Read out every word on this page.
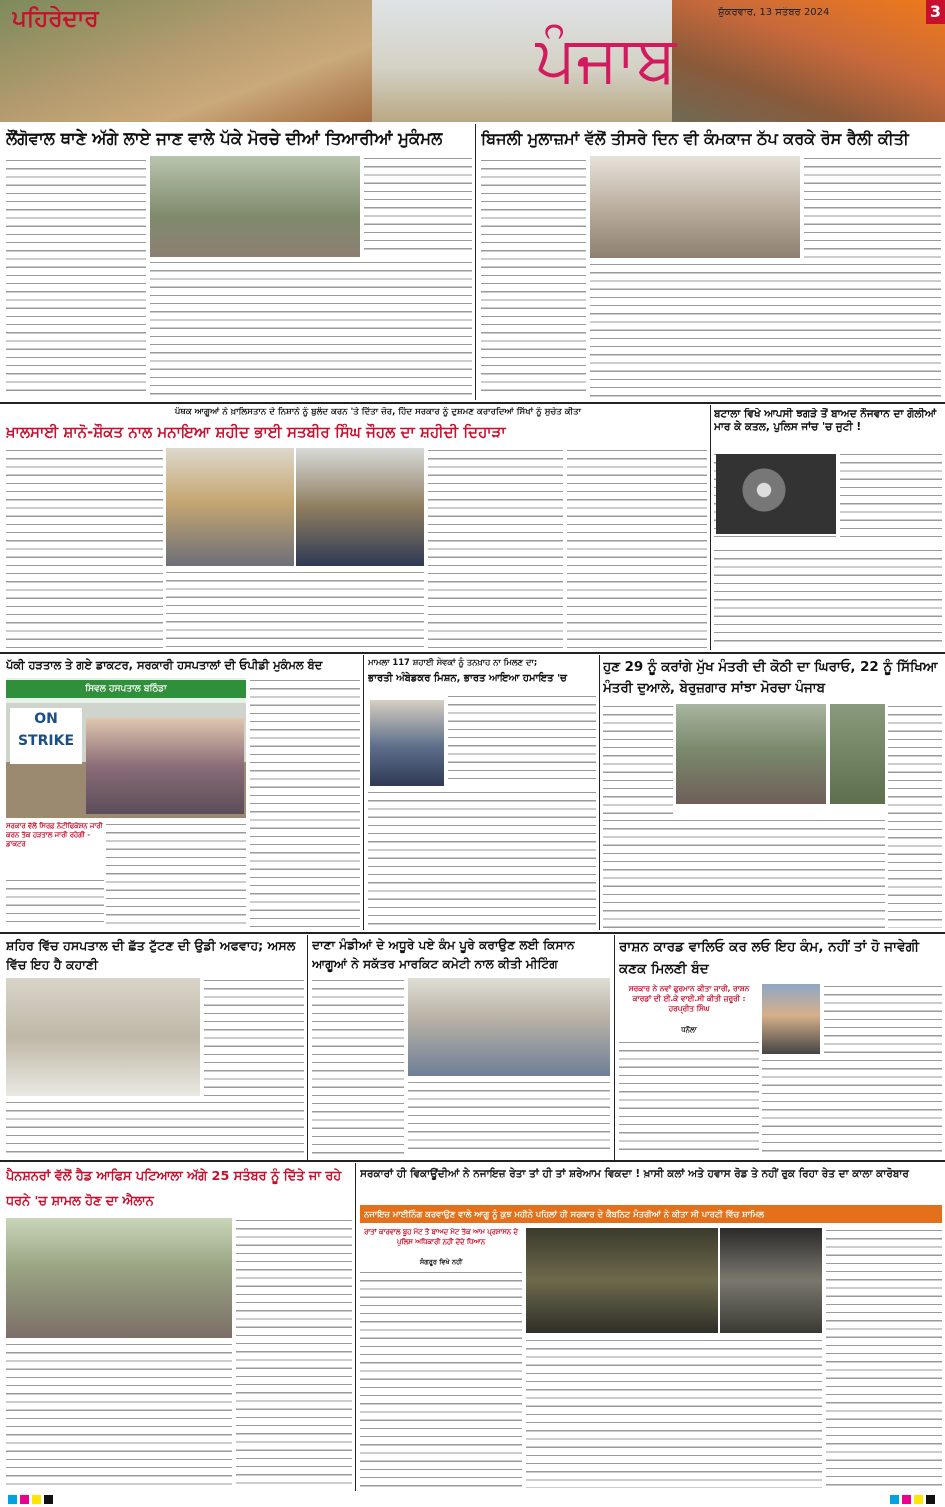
ਪਹਿਰੇਦਾਰ
ਪੰਜਾਬ
ਸ਼ੁੱਕਰਵਾਰ, 13 ਸਤੰਬਰ 2024	3
ਲੌਂਗੋਵਾਲ ਥਾਣੇ ਅੱਗੇ ਲਾਏ ਜਾਣ ਵਾਲੇ ਪੱਕੇ ਮੋਰਚੇ ਦੀਆਂ ਤਿਆਰੀਆਂ ਮੁਕੰਮਲ	ਬਿਜਲੀ ਮੁਲਾਜ਼ਮਾਂ ਵੱਲੋਂ ਤੀਸਰੇ ਦਿਨ ਵੀ ਕੰਮਕਾਜ ਠੱਪ ਕਰਕੇ ਰੋਸ ਰੈਲੀ ਕੀਤੀ
ਪੰਥਕ ਆਗੂਆਂ ਨੇ ਖ਼ਾਲਿਸਤਾਨ ਦੇ ਨਿਸ਼ਾਨੇ ਨੂੰ ਬੁਲੰਦ ਕਰਨ 'ਤੇ ਦਿੱਤਾ ਜ਼ੋਰ, ਹਿੰਦ ਸਰਕਾਰ ਨੂੰ ਦੁਸ਼ਮਣ ਕਰਾਰਦਿਆਂ ਸਿੱਖਾਂ ਨੂੰ ਸੁਚੇਤ ਕੀਤਾ
ਖ਼ਾਲਸਾਈ ਸ਼ਾਨੋ-ਸ਼ੌਕਤ ਨਾਲ ਮਨਾਇਆ ਸ਼ਹੀਦ ਭਾਈ ਸਤਬੀਰ ਸਿੰਘ ਜੌਹਲ ਦਾ ਸ਼ਹੀਦੀ ਦਿਹਾੜਾ
ਬਟਾਲਾ ਵਿਖੇ ਆਪਸੀ ਝਗੜੇ ਤੋਂ ਬਾਅਦ ਨੌਜਵਾਨ ਦਾ ਗੋਲੀਆਂ ਮਾਰ ਕੇ ਕਤਲ, ਪੁਲਿਸ ਜਾਂਚ 'ਚ ਜੁਟੀ !
ਪੱਕੀ ਹੜਤਾਲ ਤੇ ਗਏ ਡਾਕਟਰ, ਸਰਕਾਰੀ ਹਸਪਤਾਲਾਂ ਦੀ ਓਪੀਡੀ ਮੁਕੰਮਲ ਬੰਦ
ਸਿਵਲ ਹਸਪਤਾਲ ਬਠਿੰਡਾ
ON STRIKE
ਸਰਕਾਰ ਵੱਲੋਂ ਸਿਰਫ਼ ਨੋਟੀਫਿਕੇਸ਼ਨ ਜਾਰੀ ਕਰਨ ਤੱਕ ਹੜਤਾਲ ਜਾਰੀ ਰਹੇਗੀ - ਡਾਕਟਰ
ਮਾਮਲਾ 117 ਸ਼ਹਾਈ ਸੇਵਕਾਂ ਨੂੰ ਤਨਖ਼ਾਹ ਨਾ ਮਿਲਣ ਦਾ;
ਭਾਰਤੀ ਅੰਬੇਡਕਰ ਮਿਸ਼ਨ, ਭਾਰਤ ਆਇਆ ਹਮਾਇਤ 'ਚ
ਹੁਣ 29 ਨੂੰ ਕਰਾਂਗੇ ਮੁੱਖ ਮੰਤਰੀ ਦੀ ਕੋਠੀ ਦਾ ਘਿਰਾਓ, 22 ਨੂੰ ਸਿੱਖਿਆ ਮੰਤਰੀ ਦੁਆਲੇ, ਬੇਰੁਜ਼ਗਾਰ ਸਾਂਝਾ ਮੋਰਚਾ ਪੰਜਾਬ
ਸ਼ਹਿਰ ਵਿੱਚ ਹਸਪਤਾਲ ਦੀ ਛੱਤ ਟੁੱਟਣ ਦੀ ਉਡੀ ਅਫਵਾਹ; ਅਸਲ ਵਿੱਚ ਇਹ ਹੈ ਕਹਾਣੀ
ਦਾਣਾ ਮੰਡੀਆਂ ਦੇ ਅਧੂਰੇ ਪਏ ਕੰਮ ਪੂਰੇ ਕਰਾਉਣ ਲਈ ਕਿਸਾਨ ਆਗੂਆਂ ਨੇ ਸਕੱਤਰ ਮਾਰਕਿਟ ਕਮੇਟੀ ਨਾਲ ਕੀਤੀ ਮੀਟਿੰਗ
ਰਾਸ਼ਨ ਕਾਰਡ ਵਾਲਿਓ ਕਰ ਲਓ ਇਹ ਕੰਮ, ਨਹੀਂ ਤਾਂ ਹੋ ਜਾਵੇਗੀ ਕਣਕ ਮਿਲਣੀ ਬੰਦ
ਸਰਕਾਰ ਨੇ ਨਵਾਂ ਫੁਰਮਾਨ ਕੀਤਾ ਜਾਰੀ, ਰਾਸ਼ਨ ਕਾਰਡਾਂ ਦੀ ਈ.ਕੇ ਵਾਈ.ਸੀ ਕੀਤੀ ਜ਼ਰੂਰੀ : ਹਰਪ੍ਰੀਤ ਸਿੰਘ
ਧਨੌਲਾ
ਪੈਨਸ਼ਨਰਾਂ ਵੱਲੋਂ ਹੈਡ ਆਫਿਸ ਪਟਿਆਲਾ ਅੱਗੇ 25 ਸਤੰਬਰ ਨੂੰ ਦਿੱਤੇ ਜਾ ਰਹੇ ਧਰਨੇ 'ਚ ਸ਼ਾਮਲ ਹੋਣ ਦਾ ਐਲਾਨ
ਸਰਕਾਰਾਂ ਹੀ ਵਿਕਾਊਂਦੀਆਂ ਨੇ ਨਜਾਇਜ਼ ਰੇਤਾ ਤਾਂ ਹੀ ਤਾਂ ਸ਼ਰੇਆਮ ਵਿਕਦਾ ! ਖ਼ਾਸੀ ਕਲਾਂ ਅਤੇ ਹਵਾਸ ਰੋਡ ਤੇ ਨਹੀਂ ਰੁਕ ਰਿਹਾ ਰੇਤ ਦਾ ਕਾਲਾ ਕਾਰੋਬਾਰ
ਨਜਾਇਜ਼ ਮਾਈਨਿੰਗ ਕਰਵਾਉਣ ਵਾਲੇ ਆਗੂ ਨੂੰ ਕੁਝ ਮਹੀਨੇ ਪਹਿਲਾਂ ਹੀ ਸਰਕਾਰ ਦੇ ਕੈਬਨਿਟ ਮੰਤਰੀਆਂ ਨੇ ਕੀਤਾ ਸੀ ਪਾਰਟੀ ਵਿੱਚ ਸ਼ਾਮਿਲ
ਰਾਤਾਂ ਕਾਰਵਾਲ ਬੂਹ ਮੋਟ ਤੋਂ ਬਾਅਦ ਮੋਟ ਤੱਕ ਆਮ ਪ੍ਰਸ਼ਾਸਨ ਦੇ ਪੁਲਿਸ ਅਧਿਕਾਰੀ ਨਹੀਂ ਦੇਂਦੇ ਧਿਆਨ
ਸੰਗਰੂਰ ਵਿਖੇ ਨਹੀਂ
